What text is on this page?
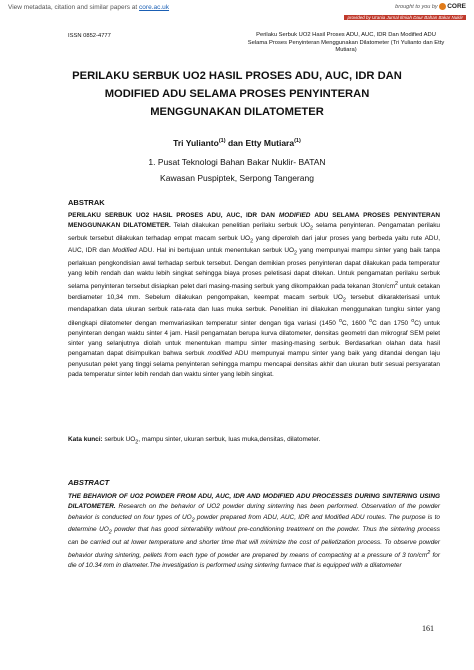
View metadata, citation and similar papers at core.ac.uk	brought to you by CORE
provided by Urania Jurnal Ilmiah Daur Bahan Bakar Nuklir
ISSN 0852-4777	Perilaku Serbuk UO2 Hasil Proses ADU, AUC, IDR Dan Modified ADU Selama Proses Penyinteran Menggunakan Dilatometer (Tri Yulianto dan Etty Mutiara)
PERILAKU SERBUK UO2 HASIL PROSES ADU, AUC, IDR DAN
MODIFIED ADU SELAMA PROSES PENYINTERAN
MENGGUNAKAN DILATOMETER
Tri Yulianto$^{(1)}$ dan Etty Mutiara$^{(1)}$
1. Pusat Teknologi Bahan Bakar Nuklir- BATAN
Kawasan Puspiptek, Serpong Tangerang
ABSTRAK
PERILAKU SERBUK UO2 HASIL PROSES ADU, AUC, IDR DAN MODIFIED ADU SELAMA PROSES PENYINTERAN MENGGUNAKAN DILATOMETER. Telah dilakukan penelitian perilaku serbuk $UO_2$ selama penyinteran. Pengamatan perilaku serbuk tersebut dilakukan terhadap empat macam serbuk $UO_2$ yang diperoleh dari jalur proses yang berbeda yaitu rute ADU, AUC, IDR dan Modified ADU. Hal ini bertujuan untuk menentukan serbuk $UO_2$ yang mempunyai mampu sinter yang baik tanpa perlakuan pengkondisian awal terhadap serbuk tersebut. Dengan demikian proses penyinteran dapat dilakukan pada temperatur yang lebih rendah dan waktu lebih singkat sehingga biaya proses peletisasi dapat ditekan. Untuk pengamatan perilaku serbuk selama penyinteran tersebut disiapkan pelet dari masing-masing serbuk yang dikompakkan pada tekanan $3ton/cm^2$ untuk cetakan berdiameter 10,34 mm. Sebelum dilakukan pengompakan, keempat macam serbuk $UO_2$ tersebut dikarakterisasi untuk mendapatkan data ukuran serbuk rata-rata dan luas muka serbuk. Penelitian ini dilakukan menggunakan tungku sinter yang dilengkapi dilatometer dengan memvariasikan temperatur sinter dengan tiga variasi (1450 $^o$C, 1600 $^o$C dan 1750 $^o$C) untuk penyinteran dengan waktu sinter 4 jam. Hasil pengamatan berupa kurva dilatometer, densitas geometri dan mikrograf SEM pelet sinter yang selanjutnya diolah untuk menentukan mampu sinter masing-masing serbuk. Berdasarkan olahan data hasil pengamatan dapat disimpulkan bahwa serbuk modified ADU mempunyai mampu sinter yang baik yang ditandai dengan laju penyusutan pelet yang tinggi selama penyinteran sehingga mampu mencapai densitas akhir dan ukuran butir sesuai persyaratan pada temperatur sinter lebih rendah dan waktu sinter yang lebih singkat.
Kata kunci: serbuk $UO_2$, mampu sinter, ukuran serbuk, luas muka,densitas, dilatometer.
ABSTRACT
THE BEHAVIOR OF UO2 POWDER FROM ADU, AUC, IDR AND MODIFIED ADU PROCESSES DURING SINTERING USING DILATOMETER. Research on the behavior of UO2 powder during sinterring has been performed. Observation of the powder behavior is conducted on four types of $UO_2$ powder prepared from ADU, AUC, IDR and Modified ADU routes. The purpose is to determine $UO_2$ powder that has good sinterability without pre-conditioning treatment on the powder. Thus the sintering process can be carried out at lower temperature and shorter time that will minimize the cost of pelletization process. To observe powder behavior during sintering, pellets from each type of powder are prepared by means of compacting at a pressure of 3 ton/$cm^2$ for die of 10.34 mm in diameter.The investigation is performed using sintering furnace that is equipped with a dilatometer
161
